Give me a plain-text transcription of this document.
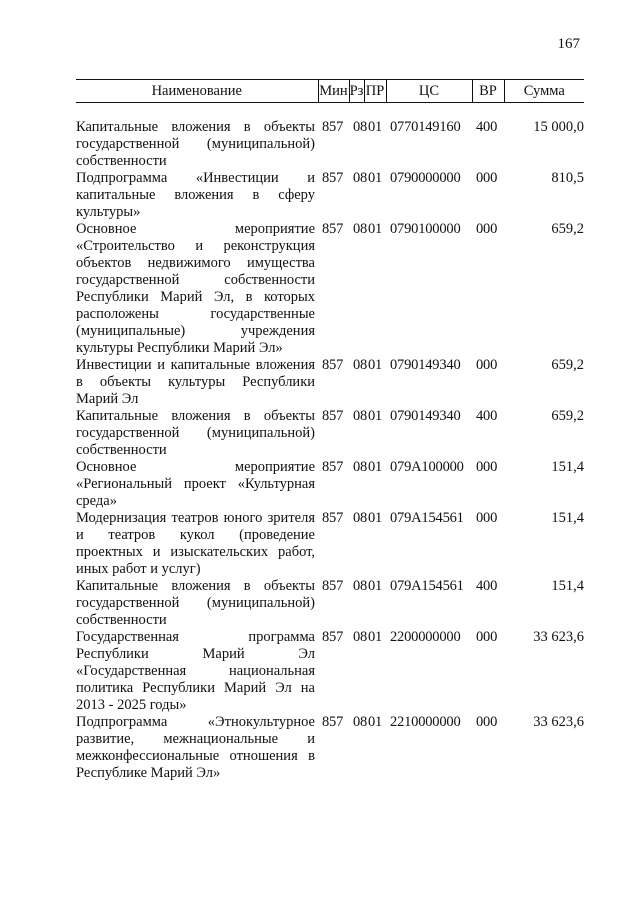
167
Наименование	Мин	Рз	ПР	ЦС	ВР	Сумма

Капитальные вложения в объекты государственной (муниципальной) собственности	857	08	01	0770149160	400	15 000,0
Подпрограмма «Инвестиции и капитальные вложения в сферу культуры»	857	08	01	0790000000	000	810,5
Основное мероприятие «Строительство и реконструкция объектов недвижимого имущества государственной собственности Республики Марий Эл, в которых расположены государственные (муниципальные) учреждения культуры Республики Марий Эл»	857	08	01	0790100000	000	659,2
Инвестиции и капитальные вложения в объекты культуры Республики Марий Эл	857	08	01	0790149340	000	659,2
Капитальные вложения в объекты государственной (муниципальной) собственности	857	08	01	0790149340	400	659,2
Основное мероприятие «Региональный проект «Культурная среда»	857	08	01	079A100000	000	151,4
Модернизация театров юного зрителя и театров кукол (проведение проектных и изыскательских работ, иных работ и услуг)	857	08	01	079A154561	000	151,4
Капитальные вложения в объекты государственной (муниципальной) собственности	857	08	01	079A154561	400	151,4
Государственная программа Республики Марий Эл «Государственная национальная политика Республики Марий Эл на 2013 - 2025 годы»	857	08	01	2200000000	000	33 623,6
Подпрограмма «Этнокультурное развитие, межнациональные и межконфессиональные отношения в Республике Марий Эл»	857	08	01	2210000000	000	33 623,6
